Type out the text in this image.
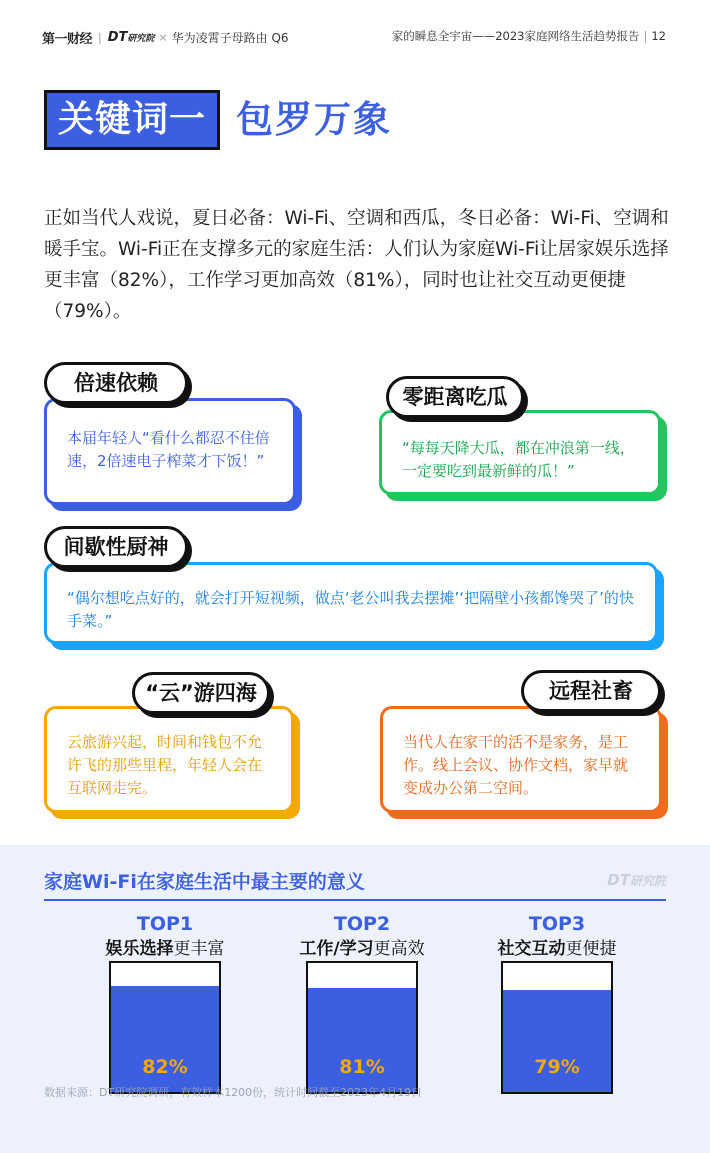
第一财经 | DT研究院 × 华为凌霄子母路由 Q6	家的瞬息全宇宙——2023家庭网络生活趋势报告 | 12
关键词一 包罗万象
正如当代人戏说，夏日必备：Wi-Fi、空调和西瓜，冬日必备：Wi-Fi、空调和暖手宝。Wi-Fi正在支撑多元的家庭生活：人们认为家庭Wi-Fi让居家娱乐选择更丰富（82%），工作学习更加高效（81%），同时也让社交互动更便捷（79%）。
本届年轻人“看什么都忍不住倍速，2倍速电子榨菜才下饭！”
倍速依赖
“每每天降大瓜，都在冲浪第一线，一定要吃到最新鲜的瓜！”
零距离吃瓜
“偶尔想吃点好的，就会打开短视频，做点‘老公叫我去摆摊’‘把隔壁小孩都馋哭了’的快手菜。”
间歇性厨神
云旅游兴起，时间和钱包不允许飞的那些里程，年轻人会在互联网走完。
“云”游四海
当代人在家干的活不是家务，是工作。线上会议、协作文档，家早就变成办公第二空间。
远程社畜
家庭Wi-Fi在家庭生活中最主要的意义	DT研究院
TOP1
娱乐选择更丰富
82%
TOP2
工作/学习更高效
81%
TOP3
社交互动更便捷
79%
数据来源：DT研究院调研，有效样本1200份，统计时间截至2023年4月19日
